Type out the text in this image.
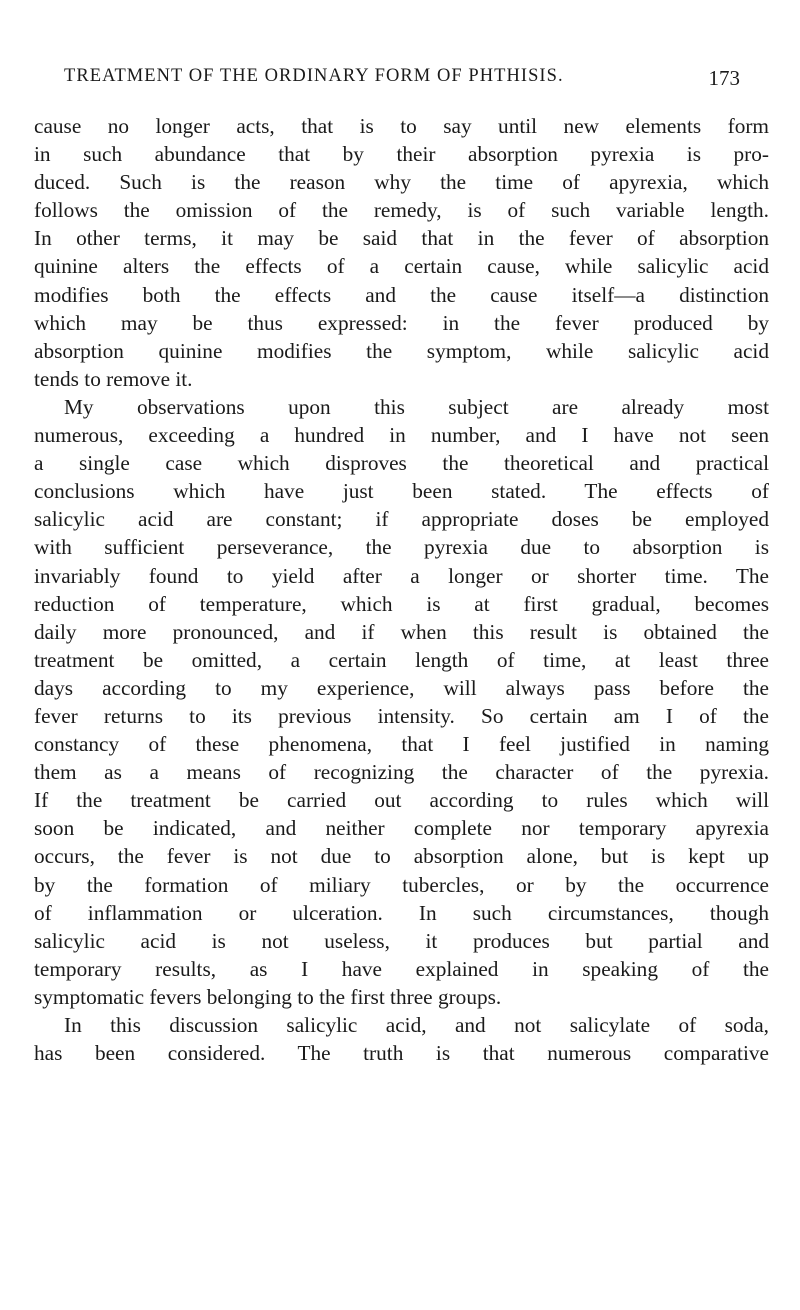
TREATMENT OF THE ORDINARY FORM OF PHTHISIS.	173
cause no longer acts, that is to say until new elements form
in such abundance that by their absorption pyrexia is pro-
duced. Such is the reason why the time of apyrexia, which
follows the omission of the remedy, is of such variable length.
In other terms, it may be said that in the fever of absorption
quinine alters the effects of a certain cause, while salicylic acid
modifies both the effects and the cause itself—a distinction
which may be thus expressed: in the fever produced by
absorption quinine modifies the symptom, while salicylic acid
tends to remove it.
My observations upon this subject are already most
numerous, exceeding a hundred in number, and I have not seen
a single case which disproves the theoretical and practical
conclusions which have just been stated. The effects of
salicylic acid are constant; if appropriate doses be employed
with sufficient perseverance, the pyrexia due to absorption is
invariably found to yield after a longer or shorter time. The
reduction of temperature, which is at first gradual, becomes
daily more pronounced, and if when this result is obtained the
treatment be omitted, a certain length of time, at least three
days according to my experience, will always pass before the
fever returns to its previous intensity. So certain am I of the
constancy of these phenomena, that I feel justified in naming
them as a means of recognizing the character of the pyrexia.
If the treatment be carried out according to rules which will
soon be indicated, and neither complete nor temporary apyrexia
occurs, the fever is not due to absorption alone, but is kept up
by the formation of miliary tubercles, or by the occurrence
of inflammation or ulceration. In such circumstances, though
salicylic acid is not useless, it produces but partial and
temporary results, as I have explained in speaking of the
symptomatic fevers belonging to the first three groups.
In this discussion salicylic acid, and not salicylate of soda,
has been considered. The truth is that numerous comparative
